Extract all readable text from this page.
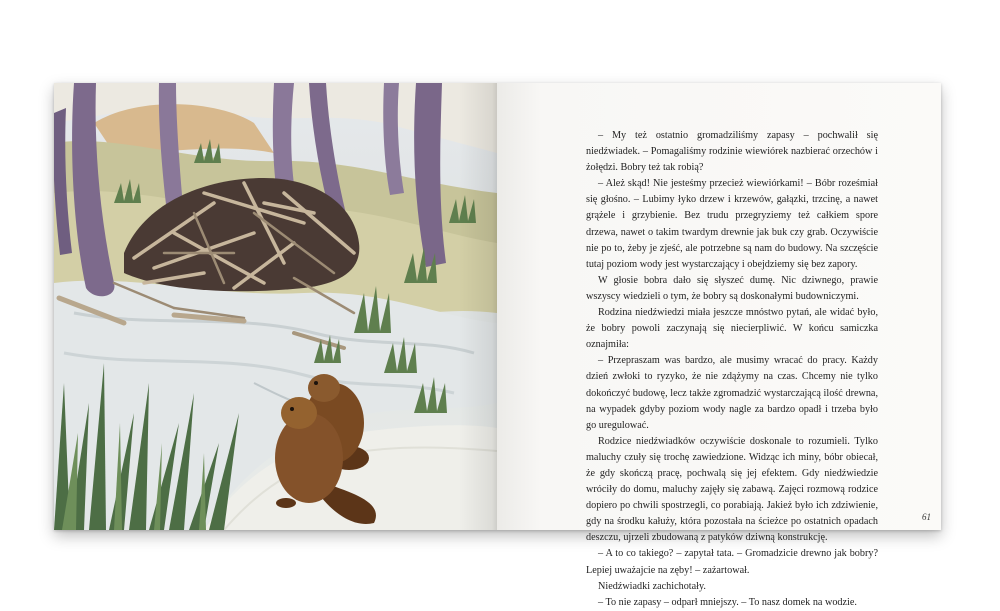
– My też ostatnio gromadziliśmy zapasy – pochwalił się niedźwiadek. – Pomagaliśmy rodzinie wiewiórek nazbierać orzechów i żołędzi. Bobry też tak robią?

– Ależ skąd! Nie jesteśmy przecież wiewiórkami! – Bóbr roześmiał się głośno. – Lubimy łyko drzew i krzewów, gałązki, trzcinę, a nawet grążele i grzybienie. Bez trudu przegryziemy też całkiem spore drzewa, nawet o takim twardym drewnie jak buk czy grab. Oczywiście nie po to, żeby je zjeść, ale potrzebne są nam do budowy. Na szczęście tutaj poziom wody jest wystarczający i obejdziemy się bez zapory.

W głosie bobra dało się słyszeć dumę. Nic dziwnego, prawie wszyscy wiedzieli o tym, że bobry są doskonałymi budowniczymi.

Rodzina niedźwiedzi miała jeszcze mnóstwo pytań, ale widać było, że bobry powoli zaczynają się niecierpliwić. W końcu samiczka oznajmiła:

– Przepraszam was bardzo, ale musimy wracać do pracy. Każdy dzień zwłoki to ryzyko, że nie zdążymy na czas. Chcemy nie tylko dokończyć budowę, lecz także zgromadzić wystarczającą ilość drewna, na wypadek gdyby poziom wody nagle za bardzo opadł i trzeba było go uregulować.

Rodzice niedźwiadków oczywiście doskonale to rozumieli. Tylko maluchy czuły się trochę zawiedzione. Widząc ich miny, bóbr obiecał, że gdy skończą pracę, pochwalą się jej efektem. Gdy niedźwiedzie wróciły do domu, maluchy zajęły się zabawą. Zajęci rozmową rodzice dopiero po chwili spostrzegli, co porabiają. Jakież było ich zdziwienie, gdy na środku kałuży, która pozostała na ścieżce po ostatnich opadach deszczu, ujrzeli zbudowaną z patyków dziwną konstrukcję.

– A to co takiego? – zapytał tata. – Gromadzicie drewno jak bobry? Lepiej uważajcie na zęby! – zażartował.

Niedźwiadki zachichotały.

– To nie zapasy – odparł mniejszy. – To nasz domek na wodzie.

61
